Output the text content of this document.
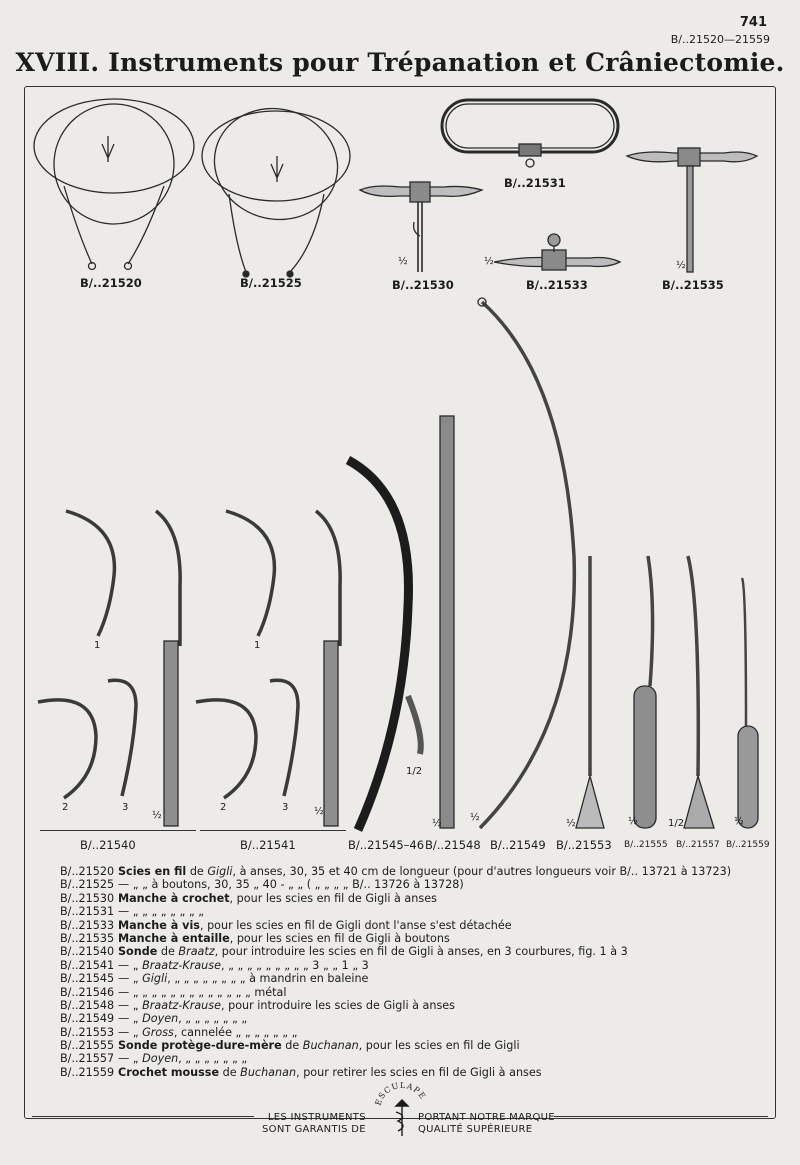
741
B/..21520—21559
XVIII. Instruments pour Trépanation et Crâniectomie.
B/..21520	B/..21525	B/..21530
B/..21531
B/..21533	B/..21535
B/..21540	B/..21541	B/..21545–46 B/..21548 B/..21549 B/..21553 B/..21555 B/..21557 B/..21559
½	½	½
1
2	3
1
2	3
½	½
1/2
½
½
½	½	1/2	½
B/..21520 Scies en fil de Gigli, à anses, 30, 35 et 40 cm de longueur (pour d'autres longueurs voir B/.. 13721 à 13723)
B/..21525 — „ „ à boutons, 30, 35 „ 40 - „ „ ( „ „ „ „ B/.. 13726 à 13728)
B/..21530 Manche à crochet, pour les scies en fil de Gigli à anses
B/..21531 — „ „ „ „ „ „ „ „
B/..21533 Manche à vis, pour les scies en fil de Gigli dont l'anse s'est détachée
B/..21535 Manche à entaille, pour les scies en fil de Gigli à boutons
B/..21540 Sonde de Braatz, pour introduire les scies en fil de Gigli à anses, en 3 courbures, fig. 1 à 3
B/..21541 — „ Braatz-Krause, „ „ „ „ „ „ „ „ „ 3 „ „ 1 „ 3
B/..21545 — „ Gigli, „ „ „ „ „ „ „ „ à mandrin en baleine
B/..21546 — „ „ „ „ „ „ „ „ „ „ „ „ „ métal
B/..21548 — „ Braatz-Krause, pour introduire les scies de Gigli à anses
B/..21549 — „ Doyen, „ „ „ „ „ „ „
B/..21553 — „ Gross, cannelée „ „ „ „ „ „ „
B/..21555 Sonde protège-dure-mère de Buchanan, pour les scies en fil de Gigli
B/..21557 — „ Doyen, „ „ „ „ „ „ „
B/..21559 Crochet mousse de Buchanan, pour retirer les scies en fil de Gigli à anses
LES INSTRUMENTS
SONT GARANTIS DE
ESCULAPE
PORTANT NOTRE MARQUE
QUALITÉ SUPÉRIEURE
